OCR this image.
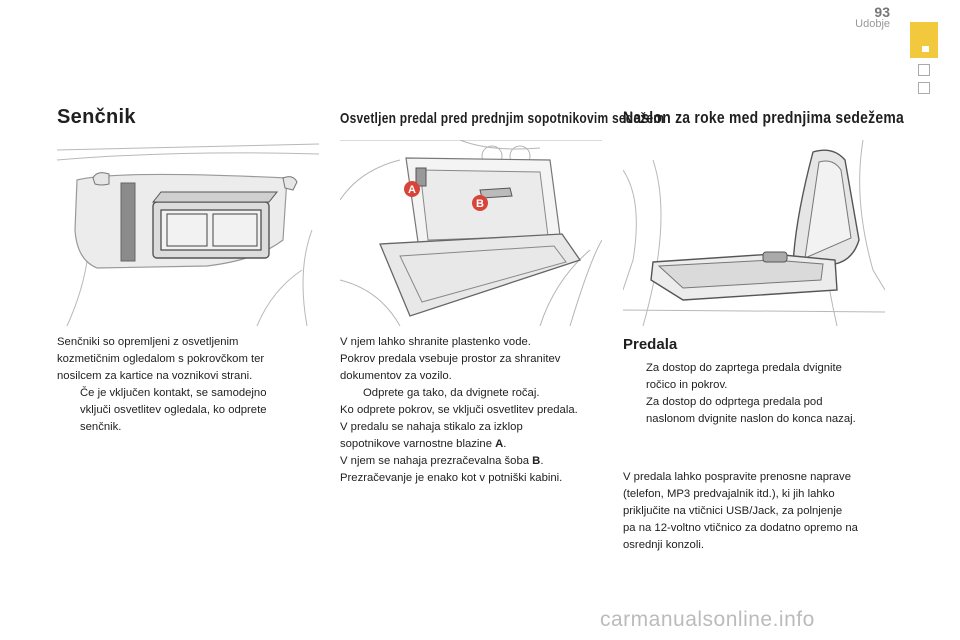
93
Udobje
Senčnik

Senčniki so opremljeni z osvetljenim

kozmetičnim ogledalom s pokrovčkom ter

nosilcem za kartice na voznikovi strani.

Če je vključen kontakt, se samodejno

vključi osvetlitev ogledala, ko odprete

senčnik.

Osvetljen predal pred prednjim sopotnikovim sedežem
A
B

V njem lahko shranite plastenko vode.

Pokrov predala vsebuje prostor za shranitev

dokumentov za vozilo.

Odprete ga tako, da dvignete ročaj.

Ko odprete pokrov, se vključi osvetlitev predala.

V predalu se nahaja stikalo za izklop

sopotnikove varnostne blazine A.

V njem se nahaja prezračevalna šoba B.

Prezračevanje je enako kot v potniški kabini.

Naslon za roke med prednjima sedežema
Predala

Za dostop do zaprtega predala dvignite

ročico in pokrov.

Za dostop do odprtega predala pod

naslonom dvignite naslon do konca nazaj.

V predala lahko pospravite prenosne naprave

(telefon, MP3 predvajalnik itd.), ki jih lahko

priključite na vtičnici USB/Jack, za polnjenje

pa na 12-voltno vtičnico za dodatno opremo na

osrednji konzoli.

carmanualsonline.info
